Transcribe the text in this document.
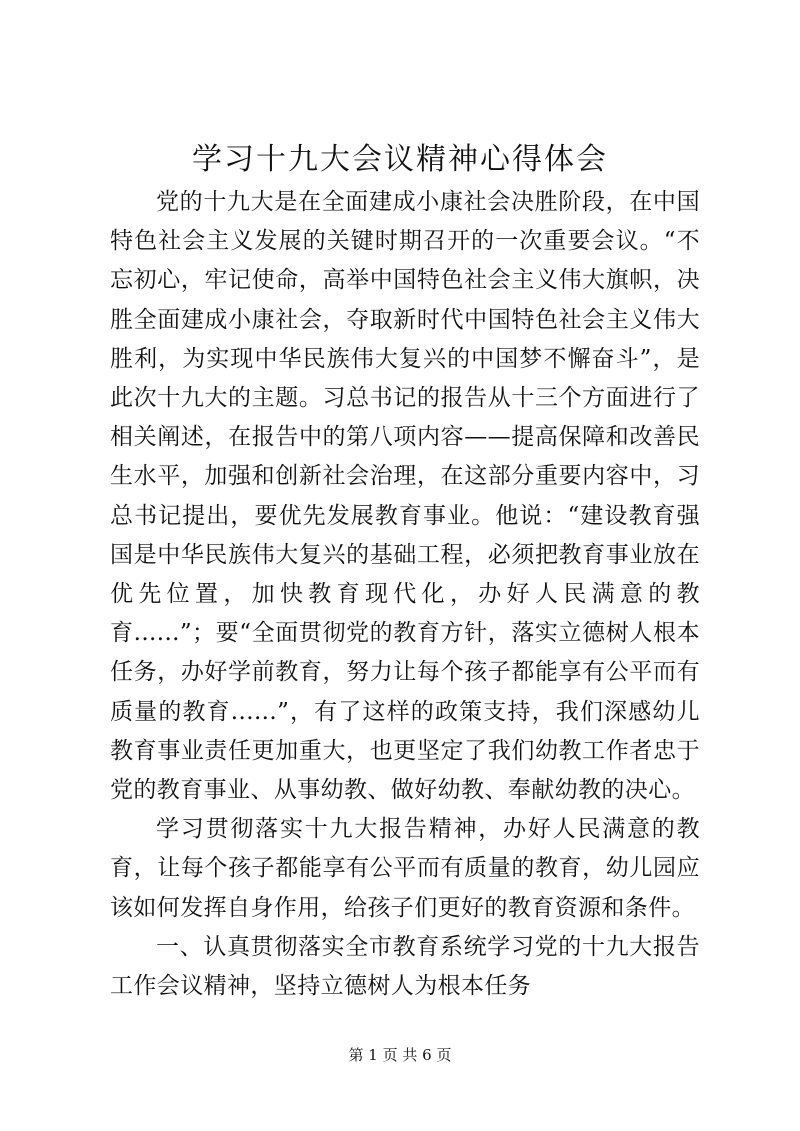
学习十九大会议精神心得体会

党的十九大是在全面建成小康社会决胜阶段，在中国特色社会主义发展的关键时期召开的一次重要会议。“不忘初心，牢记使命，高举中国特色社会主义伟大旗帜，决胜全面建成小康社会，夺取新时代中国特色社会主义伟大胜利，为实现中华民族伟大复兴的中国梦不懈奋斗”，是此次十九大的主题。习总书记的报告从十三个方面进行了相关阐述，在报告中的第八项内容——提高保障和改善民生水平，加强和创新社会治理，在这部分重要内容中，习总书记提出，要优先发展教育事业。他说：“建设教育强国是中华民族伟大复兴的基础工程，必须把教育事业放在优先位置，加快教育现代化，办好人民满意的教育......”；要“全面贯彻党的教育方针，落实立德树人根本任务，办好学前教育，努力让每个孩子都能享有公平而有质量的教育......”，有了这样的政策支持，我们深感幼儿教育事业责任更加重大，也更坚定了我们幼教工作者忠于党的教育事业、从事幼教、做好幼教、奉献幼教的决心。

学习贯彻落实十九大报告精神，办好人民满意的教育，让每个孩子都能享有公平而有质量的教育，幼儿园应该如何发挥自身作用，给孩子们更好的教育资源和条件。

一、认真贯彻落实全市教育系统学习党的十九大报告工作会议精神，坚持立德树人为根本任务

第 1 页 共 6 页
